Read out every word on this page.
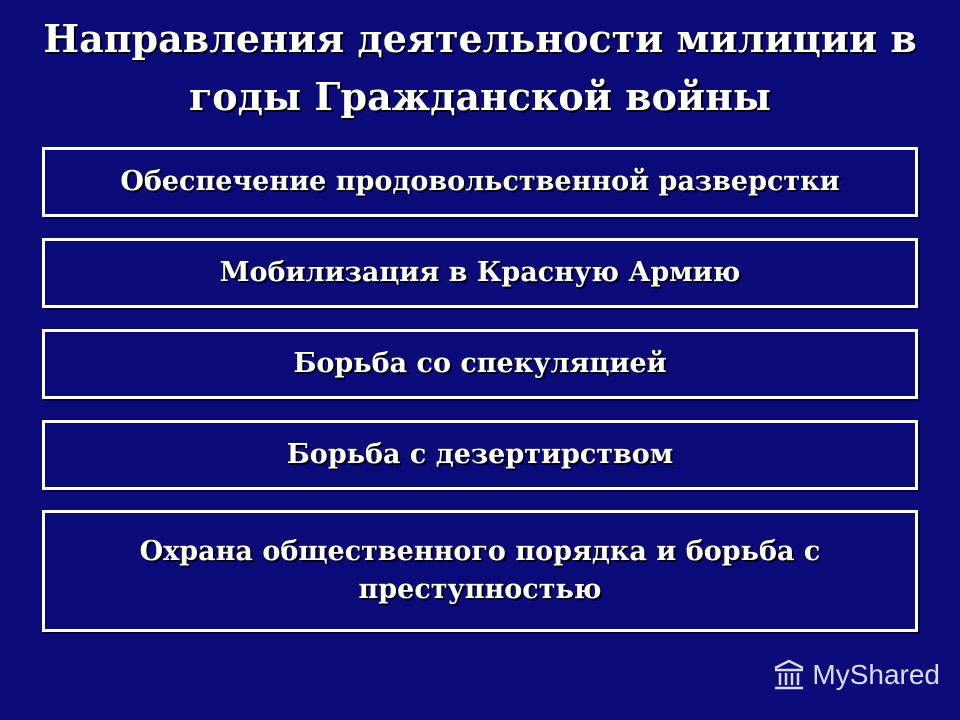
Направления деятельности милиции в годы Гражданской войны
Обеспечение продовольственной разверстки
Мобилизация в Красную Армию
Борьба со спекуляцией
Борьба с дезертирством
Охрана общественного порядка и борьба с преступностью
MyShared
